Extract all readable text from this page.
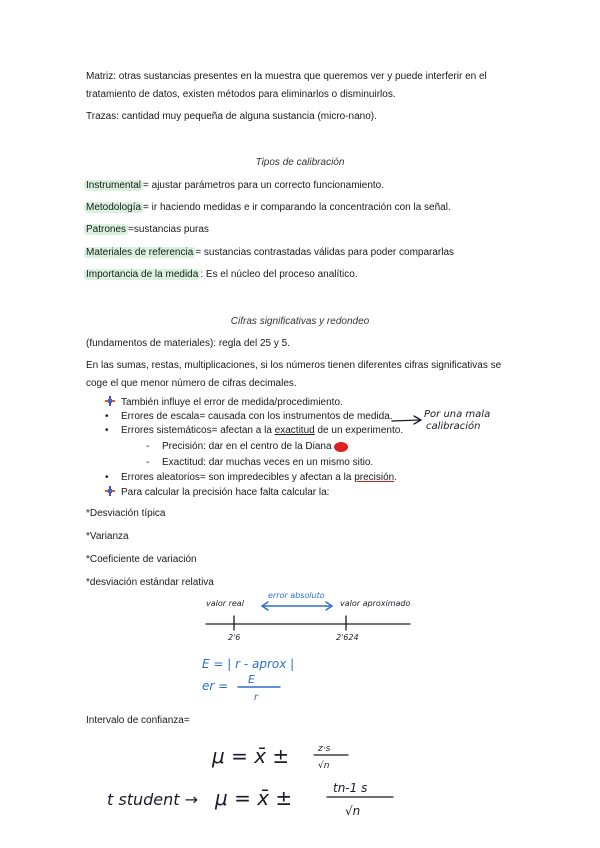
Matriz: otras sustancias presentes en la muestra que queremos ver y puede interferir en el tratamiento de datos, existen métodos para eliminarlos o disminuirlos.
Trazas: cantidad muy pequeña de alguna sustancia (micro-nano).
Tipos de calibración
Instrumental = ajustar parámetros para un correcto funcionamiento.
Metodología = ir haciendo medidas e ir comparando la concentración con la señal.
Patrones =sustancias puras
Materiales de referencia = sustancias contrastadas válidas para poder compararlas
Importancia de la medida : Es el núcleo del proceso analítico.
Cifras significativas y redondeo
(fundamentos de materiales): regla del 25 y 5.
En las sumas, restas, multiplicaciones, si los números tienen diferentes cifras significativas se coge el que menor número de cifras decimales.
También influye el error de medida/procedimiento.
• Errores de escala= causada con los instrumentos de medida.
• Errores sistemáticos= afectan a la exactitud de un experimento.
- Precisión: dar en el centro de la Diana
- Exactitud: dar muchas veces en un mismo sitio.
• Errores aleatorios= son impredecibles y afectan a la precisión.
Para calcular la precisión hace falta calcular la:
Por una mala
calibración
*Desviación típica
*Varianza
*Coeficiente de variación
*desviación estándar relativa
valor real
error absoluto
valor aproximado
2'6	2'624
E = | r - aprox |
er = E
r
Intervalo de confianza=
μ = x̄ ±	z·s
√n
t student → μ = x̄ ±	tn-1 s
√n
